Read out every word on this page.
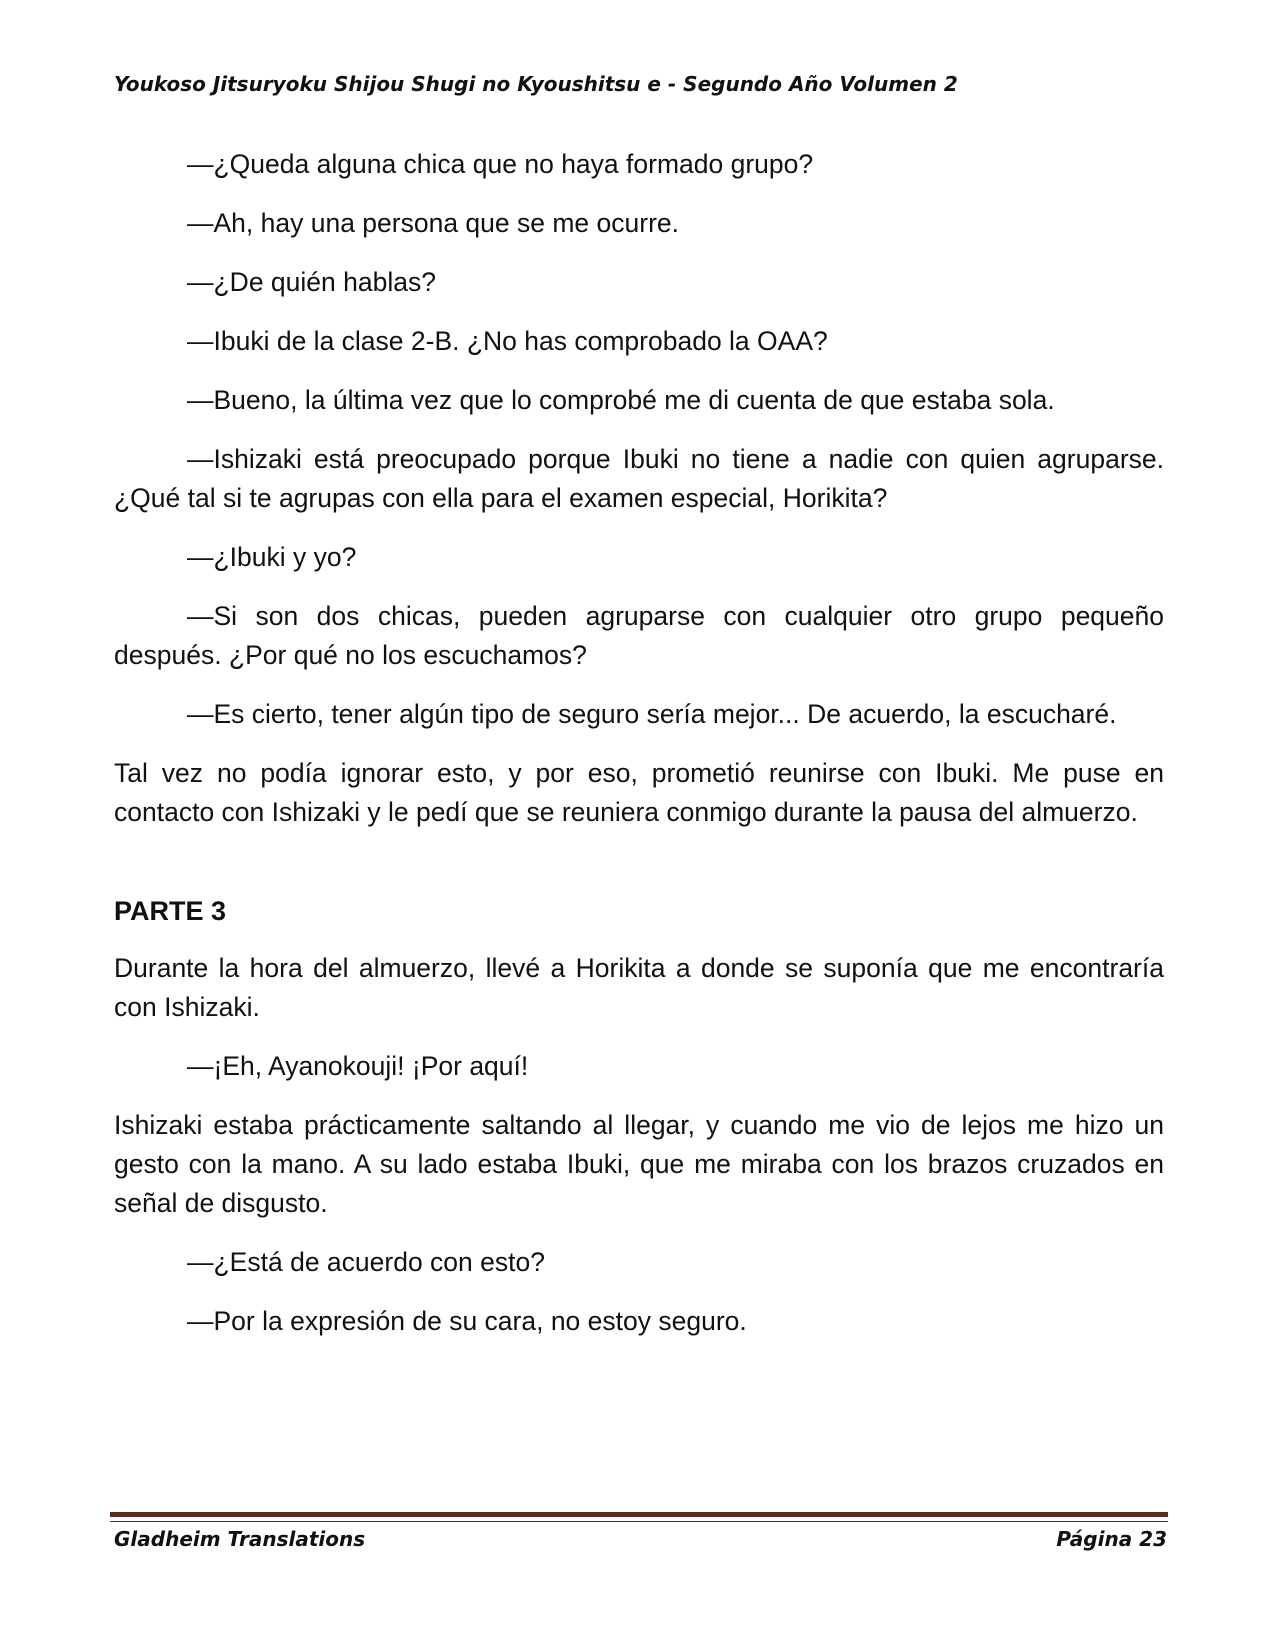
Youkoso Jitsuryoku Shijou Shugi no Kyoushitsu e - Segundo Año Volumen 2

—¿Queda alguna chica que no haya formado grupo?

—Ah, hay una persona que se me ocurre.

—¿De quién hablas?

—Ibuki de la clase 2-B. ¿No has comprobado la OAA?

—Bueno, la última vez que lo comprobé me di cuenta de que estaba sola.

—Ishizaki está preocupado porque Ibuki no tiene a nadie con quien agruparse. ¿Qué tal si te agrupas con ella para el examen especial, Horikita?

—¿Ibuki y yo?

—Si son dos chicas, pueden agruparse con cualquier otro grupo pequeño después. ¿Por qué no los escuchamos?

—Es cierto, tener algún tipo de seguro sería mejor... De acuerdo, la escucharé.

Tal vez no podía ignorar esto, y por eso, prometió reunirse con Ibuki. Me puse en contacto con Ishizaki y le pedí que se reuniera conmigo durante la pausa del almuerzo.

PARTE 3

Durante la hora del almuerzo, llevé a Horikita a donde se suponía que me encontraría con Ishizaki.

—¡Eh, Ayanokouji! ¡Por aquí!

Ishizaki estaba prácticamente saltando al llegar, y cuando me vio de lejos me hizo un gesto con la mano. A su lado estaba Ibuki, que me miraba con los brazos cruzados en señal de disgusto.

—¿Está de acuerdo con esto?

—Por la expresión de su cara, no estoy seguro.

Gladheim Translations	Página 23
